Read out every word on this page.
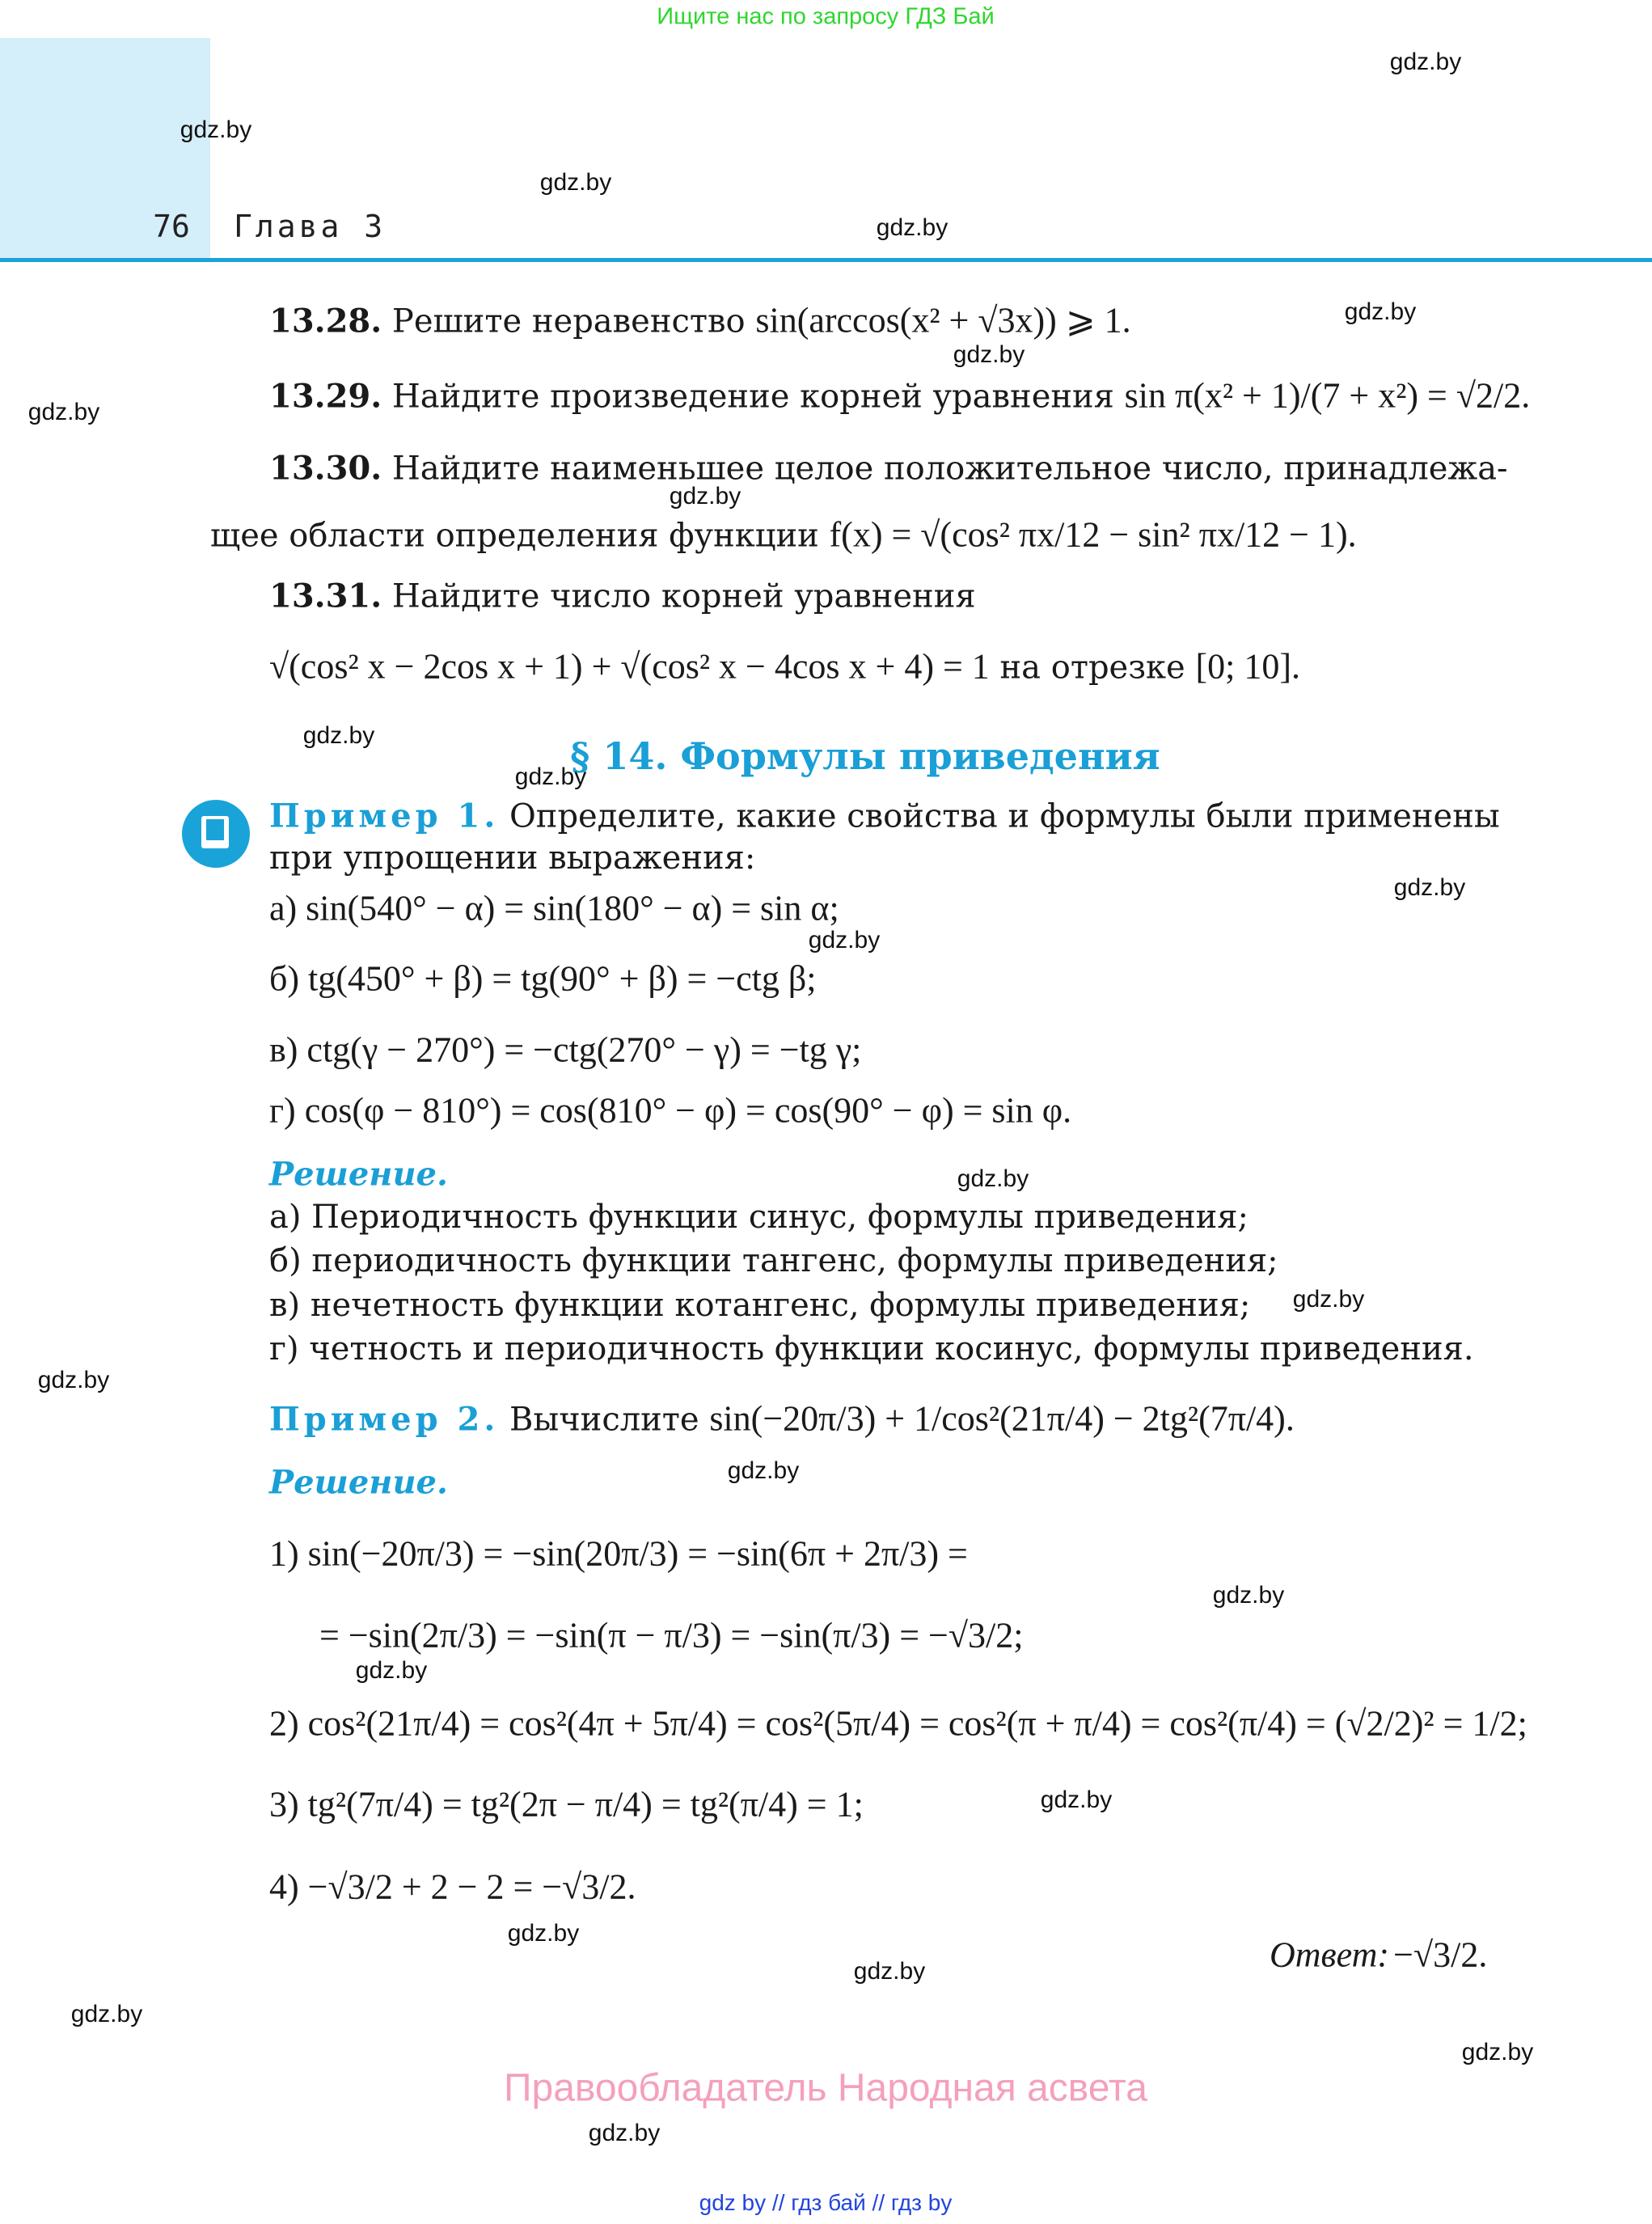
Ищите нас по запросу ГДЗ Бай
76 Глава 3
13.28. Решите неравенство sin(arccos(x² + √3x)) ⩾ 1.
13.29. Найдите произведение корней уравнения sin π(x² + 1)/(7 + x²) = √2/2.
13.30. Найдите наименьшее целое положительное число, принадлежа-
щее области определения функции f(x) = √(cos² πx/12 − sin² πx/12 − 1).
13.31. Найдите число корней уравнения
√(cos² x − 2cos x + 1) + √(cos² x − 4cos x + 4) = 1 на отрезке [0; 10].
§ 14. Формулы приведения
Пример 1. Определите, какие свойства и формулы были применены
при упрощении выражения:
а) sin(540° − α) = sin(180° − α) = sin α;
б) tg(450° + β) = tg(90° + β) = −ctg β;
в) ctg(γ − 270°) = −ctg(270° − γ) = −tg γ;
г) cos(φ − 810°) = cos(810° − φ) = cos(90° − φ) = sin φ.
Решение.
а) Периодичность функции синус, формулы приведения;
б) периодичность функции тангенс, формулы приведения;
в) нечетность функции котангенс, формулы приведения;
г) четность и периодичность функции косинус, формулы приведения.
Пример 2. Вычислите sin(−20π/3) + 1/cos²(21π/4) − 2tg²(7π/4).
Решение.
1) sin(−20π/3) = −sin(20π/3) = −sin(6π + 2π/3) =
= −sin(2π/3) = −sin(π − π/3) = −sin(π/3) = −√3/2;
2) cos²(21π/4) = cos²(4π + 5π/4) = cos²(5π/4) = cos²(π + π/4) = cos²(π/4) = (√2/2)² = 1/2;
3) tg²(7π/4) = tg²(2π − π/4) = tg²(π/4) = 1;
4) −√3/2 + 2 − 2 = −√3/2.
Ответ: −√3/2.
Правообладатель Народная асвета
gdz by // гдз бай // гдз by
gdz.by
gdz.by
gdz.by
gdz.by
gdz.by
gdz.by
gdz.by
gdz.by
gdz.by
gdz.by
gdz.by
gdz.by
gdz.by
gdz.by
gdz.by
gdz.by
gdz.by
gdz.by
gdz.by
gdz.by
gdz.by
gdz.by
gdz.by
gdz.by
